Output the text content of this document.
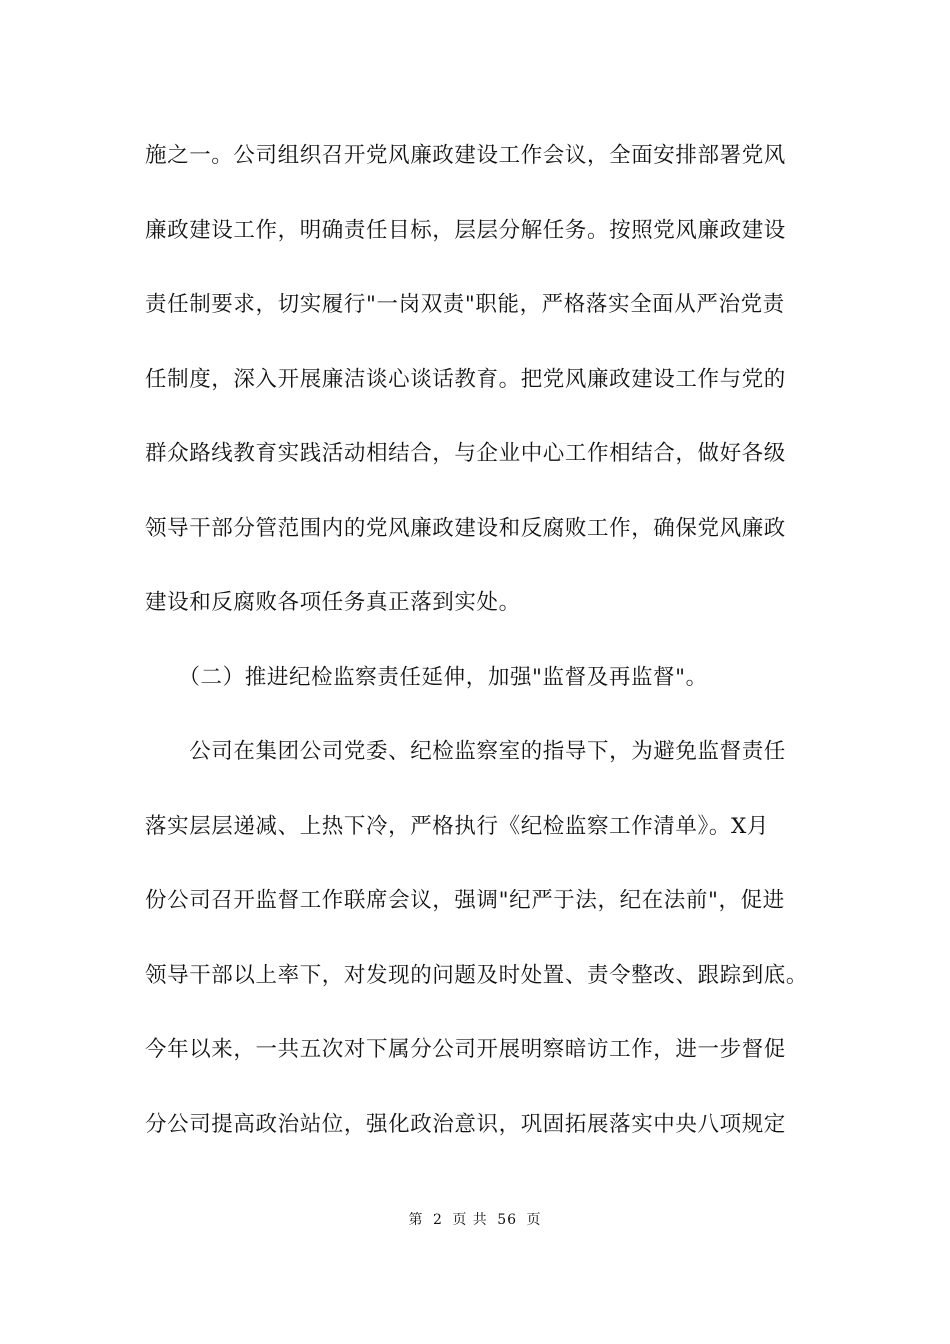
施之一。公司组织召开党风廉政建设工作会议，全面安排部署党风
廉政建设工作，明确责任目标，层层分解任务。按照党风廉政建设
责任制要求，切实履行"一岗双责"职能，严格落实全面从严治党责
任制度，深入开展廉洁谈心谈话教育。把党风廉政建设工作与党的
群众路线教育实践活动相结合，与企业中心工作相结合，做好各级
领导干部分管范围内的党风廉政建设和反腐败工作，确保党风廉政
建设和反腐败各项任务真正落到实处。
　　（二）推进纪检监察责任延伸，加强"监督及再监督"。
　　公司在集团公司党委、纪检监察室的指导下，为避免监督责任
落实层层递减、上热下冷，严格执行《纪检监察工作清单》。X月
份公司召开监督工作联席会议，强调"纪严于法，纪在法前"，促进
领导干部以上率下，对发现的问题及时处置、责令整改、跟踪到底。
今年以来，一共五次对下属分公司开展明察暗访工作，进一步督促
分公司提高政治站位，强化政治意识，巩固拓展落实中央八项规定
第 2 页 共 56 页
